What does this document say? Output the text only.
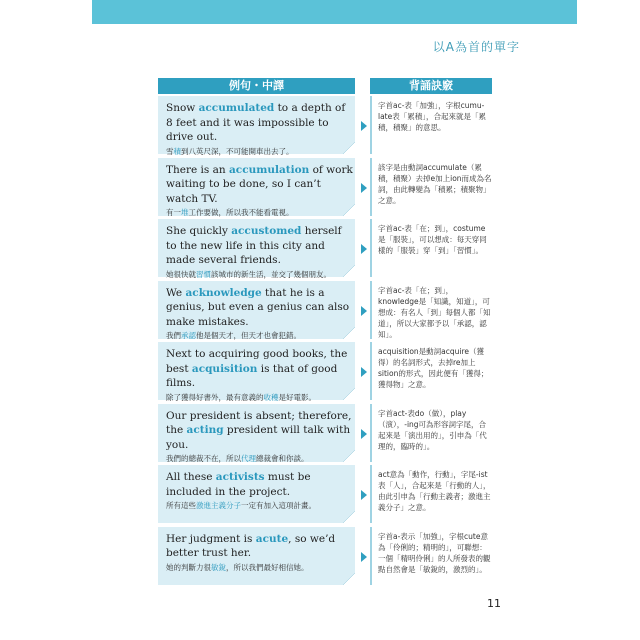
以A為首的單字
例句・中譯	背誦訣竅
Snow accumulated to a depth of 8 feet and it was impossible to drive out.
雪積到八英尺深，不可能開車出去了。
字首ac-表「加強」，字根cumu-late表「累積」，合起來就是「累積，積聚」的意思。
There is an accumulation of work waiting to be done, so I can’t watch TV.
有一堆工作要做，所以我不能看電視。
該字是由動詞accumulate（累積，積聚）去掉e加上ion而成為名詞，由此轉變為「積累；積聚物」之意。
She quickly accustomed herself to the new life in this city and made several friends.
她很快就習慣該城市的新生活，並交了幾個朋友。
字首ac-表「在；到」，costume是「服裝」，可以想成：每天穿同樣的「服裝」穿「到」「習慣」。
We acknowledge that he is a genius, but even a genius can also make mistakes.
我們承認他是個天才，但天才也會犯錯。
字首ac-表「在；到」，knowledge是「知識，知道」，可想成：有名人「到」每個人都「知道」，所以大家都予以「承認，認知」。
Next to acquiring good books, the best acquisition is that of good films.
除了獲得好書外，最有意義的收穫是好電影。
acquisition是動詞acquire（獲得）的名詞形式，去掉re加上sition的形式，因此便有「獲得；獲得物」之意。
Our president is absent; therefore, the acting president will talk with you.
我們的總裁不在，所以代理總裁會和你談。
字首act-表do（做），play（演），-ing可為形容詞字尾，合起來是「演出用的」，引申為「代理的，臨時的」。
All these activists must be included in the project.
所有這些激進主義分子一定有加入這項計畫。
act意為「動作，行動」，字尾-ist表「人」，合起來是「行動的人」，由此引申為「行動主義者；激進主義分子」之意。
Her judgment is acute, so we’d better trust her.
她的判斷力很敏銳，所以我們最好相信她。
字首a-表示「加強」，字根cute意為「伶俐的；精明的」，可聯想：一個「精明伶俐」的人所發表的觀點自然會是「敏銳的，激烈的」。
11
